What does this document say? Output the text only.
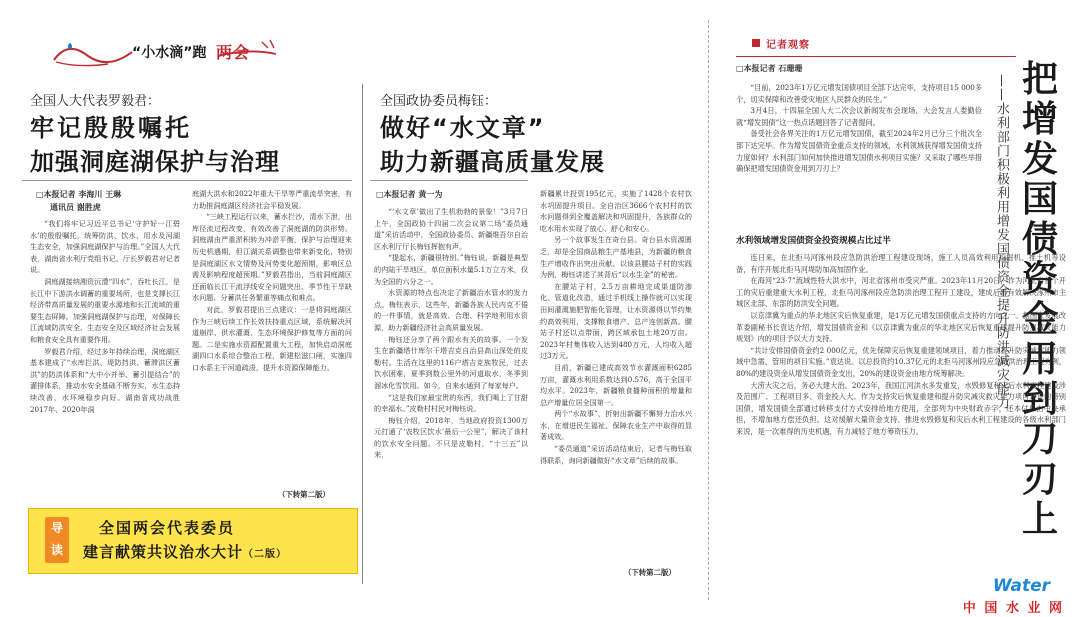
“小水滴”跑 两会
全国人大代表罗毅君：
牢记殷殷嘱托
加强洞庭湖保护与治理
□本报记者 李海川 王琳
通讯员 谢胜虎

“我们将牢记习近平总书记‘守护好一江碧水’的殷殷嘱托，统筹防洪、饮水、用水及河湖生态安全，加强洞庭湖保护与治理。”全国人大代表，湖南省水利厅党组书记、厅长罗毅君对记者说。

洞庭湖接纳湘资沅澧“四水”，吞吐长江，是长江中下游洪水调蓄的重要场所，也是支撑长江经济带高质量发展的重要水源地和长江流域的重要生态屏障。加强洞庭湖保护与治理，对保障长江流域防洪安全、生态安全及区域经济社会发展和粮食安全具有重要作用。

罗毅君介绍，经过多年持续治理，洞庭湖区基本建成了“水库拦洪、堤防挡洪、蓄滞洪区蓄洪”的防洪体系和“大中小并举、蓄引提结合”的灌排体系，推动水安全基础不断夯实，水生态持续改善，水环境稳步向好。湖南省成功战胜2017年、2020年洞

庭湖大洪水和2022年重大干旱等严重流旱突害，有力助推洞庭湖区经济社会平稳发展。

“三峡工程运行以来，蓄水拦沙，清水下泄，出库径流过程改变，有效改善了洞庭湖的防洪形势。洞庭湖由严重淤积转为冲淤平衡，保护与治理迎来历史机遇期，但江湖关系调整也带来新变化，特别是洞庭湖区水文情势及河势变化超预期，影响区总需及影响程度超预期。”罗毅君指出，当前洞庭湖区还面临长江干流浮线安全问题突出、季节性干旱缺水问题、分蓄洪任务繁重等痛点和难点。

对此，罗毅君提出三点建议：一是将洞庭湖区作为三峡后续工作长效扶持重点区域，系统解决河道崩岸、供水灌溉、生态环境保护修复等方面的问题。二是实施水资源配置重大工程，加快启动洞庭湖四口水系综合整治工程，新建松滋口闸，实施四口水系主干河道疏浚，提升水资源保障能力。

（下转第二版）
全国政协委员梅钰：
做好“水文章”
助力新疆高质量发展
□本报记者 黄一为

“‘水文章’做出了生机勃勃的景象！”3月7日上午，全国政协十四届二次会议第二场“委员通道”采访活动中，全国政协委员、新疆维吾尔自治区水利厅厅长梅钰挥抱有声。

“提起水，新疆很特别。”梅钰说，新疆是典型的内陆干旱地区，单位面积水量5.1万立方米，仅为全国的六分之一。

水资源的特点也决定了新疆治水管水的发力点。梅钰表示，这些年，新疆各族人民内克不倦的一件事情，就是高效、合理、科学地利用水资源，助力新疆经济社会高质量发展。

梅钰还分享了两个跟水有关的故事。一个发生在新疆塔什库尔干塔吉克自治县高山深处的皮勒村。生活在这里的116户塔吉克族牧民，过去饮水困难，夏季到数公里外的河道取水，冬季到溜冰化雪饮用。如今，自来水通到了每家每户。

“这是我们家最宝贵的东西，我们喝上了甘甜的幸福水。”皮勒村村民对梅钰说。

梅钰介绍，2018年，当地政府投资1300万元打通了‘农牧区饮水’最后一公里”，解决了该村的饮水安全问题。不只是皮勒村，“十三五”以来，

新疆累计投资195亿元，实施了1428个农村饮水巩固提升项目。全自治区3666个农村村的饮水问题得到全覆盖解决和巩固提升，各族群众的吃水用水实现了放心、舒心和安心。

另一个故事发生在奇台县。奇台县水资源匮乏，却是全国商品粮生产基地县，为新疆的粮食生产增收作出突出贡献。以该县腰站子村的实践为例，梅钰讲述了其背后“以水生金”的秘密。

在腰站子村，2.5万亩耕地完成渠道防渗化、管道化改造，通过手机线上操作就可以实现田间灌溉施肥智能化管理，让水资源得以节约集约高效利用，支撑粮食增产、总产连创新高。腰站子村还以点带面，跨区域承包土地20万亩。2023年村集体收入达到480万元，人均收入超过3万元。

目前，新疆已建成高效节水灌溉面积6285万亩，灌溉水利用系数达到0.576，高于全国平均水平。2023年，新疆粮食播种面积的增量和总产增量位居全国第一。

两个“水故事”，折射出新疆不懈努力治水兴水，在增进民生福祉、保障农业生产中取得的显著成效。

“委员通道”采访活动结束后，记者与梅钰取得联系，询问新疆做好“水文章”后续的故事。

（下转第二版）
导
读
全国两会代表委员
建言献策共议治水大计（二版）
记者观察
□本报记者 石珊珊	把
增
发
国
债
资
金
用
到
刀
刃
上
——水利部门积极利用增发国债资金提升防洪减灾能力

“目前，2023年1万亿元增发国债项目全部下达完毕，支持项目15 000多个，切实保障和改善受灾地区人民群众的民生。”

3月4日，十四届全国人大二次会议新闻发布会现场，大会发言人娄勤俭就“增发国债”这一热点话题回答了记者提问。

备受社会各界关注的1万亿元增发国债，截至2024年2月已分三个批次全部下达完毕。作为增发国债资金重点支持的领域，水利领域获得增发国债支持力度如何？水利部门如何加快推进增发国债水利项目实施？又采取了哪些举措确保把增发国债资金用到刀刃上？

水利领域增发国债资金投资规模占比过半

连日来，在北拒马河涿州段应急防洪治理工程建设现场，施工人员高效利用挖掘机、推土机等设备，有序开展北拒马河堤防加高加固作业。

在海河“23·7”流域性特大洪水中，河北省涿州市受灾严重。2023年11月20日，作为河北省首个开工的灾后重建重大水利工程，北拒马河涿州段应急防洪治理工程开工建设，建成后将有效解决涿州市主城区北部、东部的防洪安全问题。

以京津冀为重点的华北地区灾后恢复重建，是1万亿元增发国债重点支持的方向之一。据国家发展改革委副秘书长袁达介绍，增发国债资金和《以京津冀为重点的华北地区灾后恢复重建提升防灾减灾能力规划》内的项目予以大力支持。

“共计安排国债资金约2 000亿元，优先保障灾后恢复重建领域项目，着力推动提升防灾减灾能力领域中急需、管用的项目实施。”袁达说。以总投资约10.37亿元的北拒马河涿州段应急防洪治理工程为例，80%的建设资金从增发国债资金支出，20%的建设资金由地方统筹解决。

大涝大灾之后，务必大建大治。2023年，我国江河洪水多发重发，水毁修复和灾后水利工程建设涉及范围广、工程项目多、资金投入大。作为支持灾后恢复重建和提升防灾减灾救灾能力项目建设的特别国债，增发国债全部通过转移支付方式安排给地方使用，全部列为中央财政赤字，还本付息由中央承担，不增加地方偿还负担。这对缓解大量资金支持、推进水毁修复和灾后水利工程建设的各级水利部门来说，是一次难得的历史机遇，有力减轻了地方筹资压力。

Water
中 国 水 业 网
